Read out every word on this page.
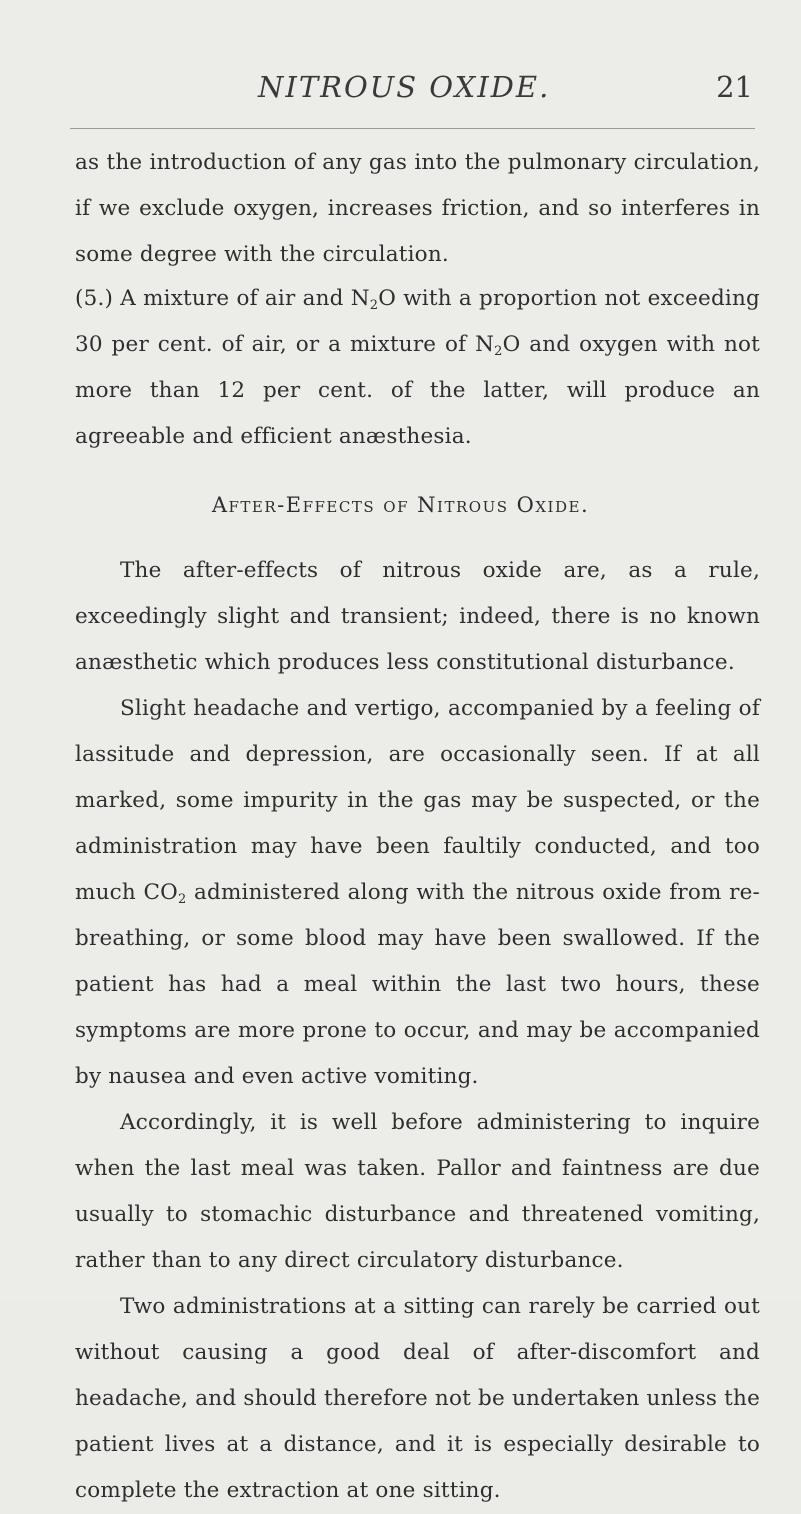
NITROUS OXIDE.	21

as the introduction of any gas into the pulmonary circulation, if we exclude oxygen, increases friction, and so interferes in some degree with the circulation.

(5.) A mixture of air and $N_2O$ with a proportion not exceeding 30 per cent. of air, or a mixture of $N_2O$ and oxygen with not more than 12 per cent. of the latter, will produce an agreeable and efficient anæsthesia.

After-Effects of Nitrous Oxide.

The after-effects of nitrous oxide are, as a rule, exceedingly slight and transient; indeed, there is no known anæsthetic which produces less constitutional disturbance.

Slight headache and vertigo, accompanied by a feeling of lassitude and depression, are occasionally seen. If at all marked, some impurity in the gas may be suspected, or the administration may have been faultily conducted, and too much $CO_2$ administered along with the nitrous oxide from re-breathing, or some blood may have been swallowed. If the patient has had a meal within the last two hours, these symptoms are more prone to occur, and may be accompanied by nausea and even active vomiting.

Accordingly, it is well before administering to inquire when the last meal was taken. Pallor and faintness are due usually to stomachic disturbance and threatened vomiting, rather than to any direct circulatory disturbance.

Two administrations at a sitting can rarely be carried out without causing a good deal of after-discomfort and headache, and should therefore not be undertaken unless the patient lives at a distance, and it is especially desirable to complete the extraction at one sitting.
